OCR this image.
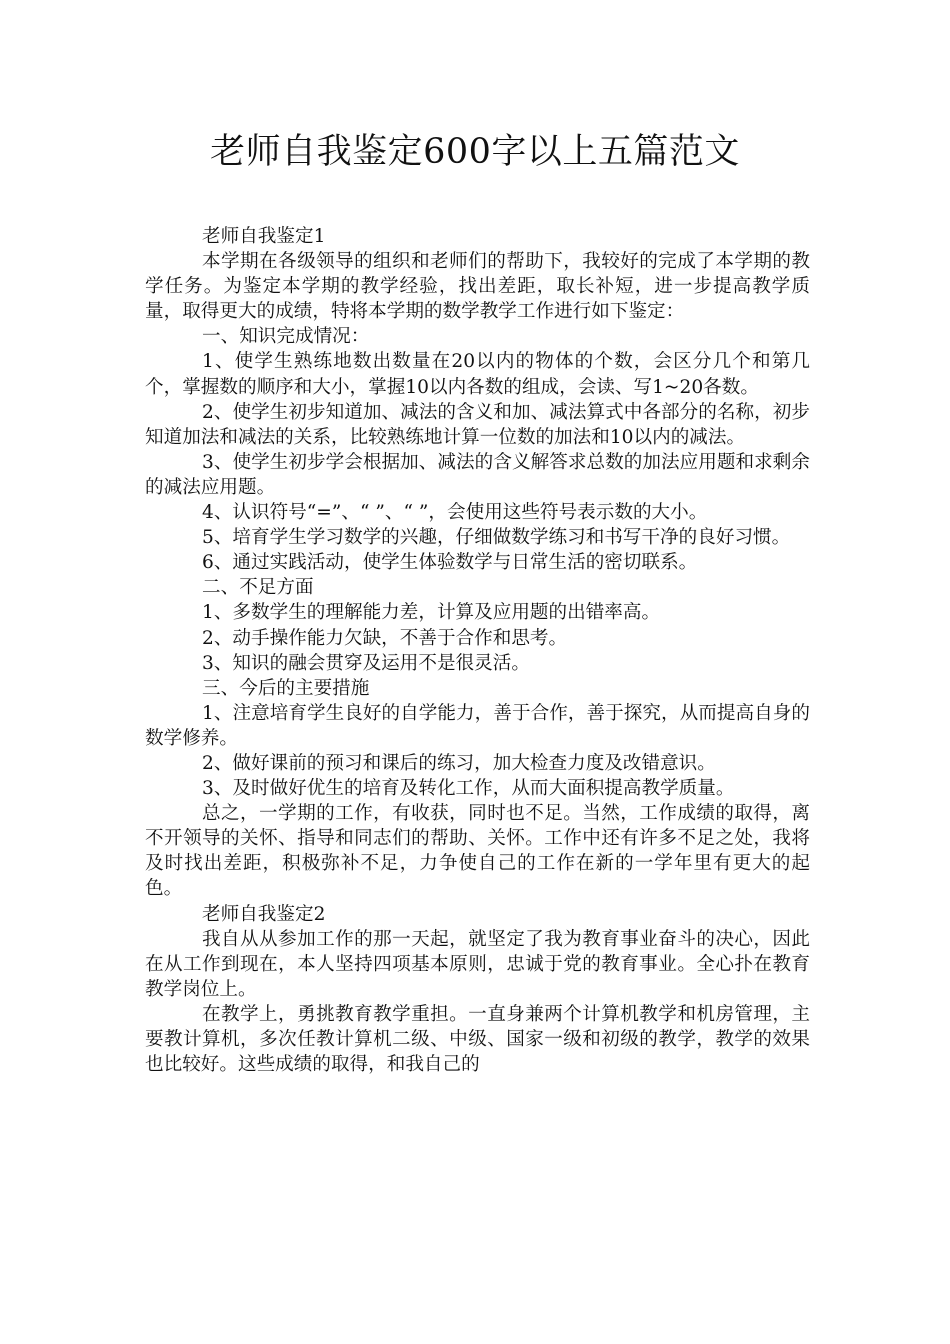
老师自我鉴定600字以上五篇范文

老师自我鉴定1

本学期在各级领导的组织和老师们的帮助下，我较好的完成了本学期的教学任务。为鉴定本学期的教学经验，找出差距，取长补短，进一步提高教学质量，取得更大的成绩，特将本学期的数学教学工作进行如下鉴定：

一、知识完成情况：

1、使学生熟练地数出数量在20以内的物体的个数，会区分几个和第几个，掌握数的顺序和大小，掌握10以内各数的组成，会读、写1~20各数。

2、使学生初步知道加、减法的含义和加、减法算式中各部分的名称，初步知道加法和减法的关系，比较熟练地计算一位数的加法和10以内的减法。

3、使学生初步学会根据加、减法的含义解答求总数的加法应用题和求剩余的减法应用题。

4、认识符号“=”、“ ”、“ ”，会使用这些符号表示数的大小。

5、培育学生学习数学的兴趣，仔细做数学练习和书写干净的良好习惯。

6、通过实践活动，使学生体验数学与日常生活的密切联系。

二、不足方面

1、多数学生的理解能力差，计算及应用题的出错率高。

2、动手操作能力欠缺，不善于合作和思考。

3、知识的融会贯穿及运用不是很灵活。

三、今后的主要措施

1、注意培育学生良好的自学能力，善于合作，善于探究，从而提高自身的数学修养。

2、做好课前的预习和课后的练习，加大检查力度及改错意识。

3、及时做好优生的培育及转化工作，从而大面积提高教学质量。

总之，一学期的工作，有收获，同时也不足。当然，工作成绩的取得，离不开领导的关怀、指导和同志们的帮助、关怀。工作中还有许多不足之处，我将及时找出差距，积极弥补不足，力争使自己的工作在新的一学年里有更大的起色。

老师自我鉴定2

我自从从参加工作的那一天起，就坚定了我为教育事业奋斗的决心，因此在从工作到现在，本人坚持四项基本原则，忠诚于党的教育事业。全心扑在教育教学岗位上。

在教学上，勇挑教育教学重担。一直身兼两个计算机教学和机房管理，主要教计算机，多次任教计算机二级、中级、国家一级和初级的教学，教学的效果也比较好。这些成绩的取得，和我自己的
